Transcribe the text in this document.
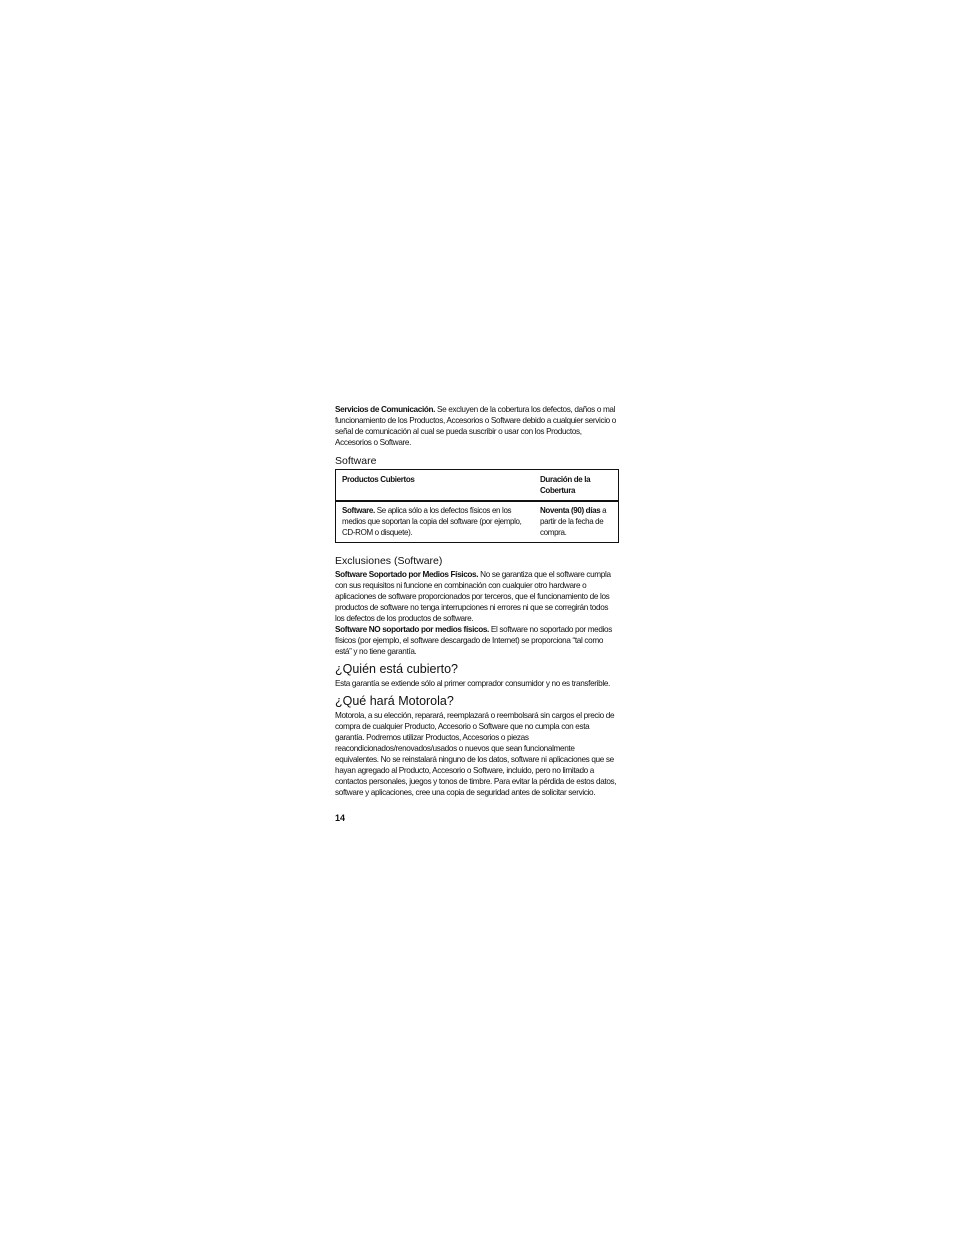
Servicios de Comunicación. Se excluyen de la cobertura los defectos, daños o mal funcionamiento de los Productos, Accesorios o Software debido a cualquier servicio o señal de comunicación al cual se pueda suscribir o usar con los Productos, Accesorios o Software.

Software
Productos Cubiertos	Duración de la Cobertura
Software. Se aplica sólo a los defectos físicos en los medios que soportan la copia del software (por ejemplo, CD-ROM o disquete).	Noventa (90) días a partir de la fecha de compra.
Exclusiones (Software)

Software Soportado por Medios Físicos. No se garantiza que el software cumpla con sus requisitos ni funcione en combinación con cualquier otro hardware o aplicaciones de software proporcionados por terceros, que el funcionamiento de los productos de software no tenga interrupciones ni errores ni que se corregirán todos los defectos de los productos de software.

Software NO soportado por medios físicos. El software no soportado por medios físicos (por ejemplo, el software descargado de Internet) se proporciona “tal como está” y no tiene garantía.

¿Quién está cubierto?

Esta garantía se extiende sólo al primer comprador consumidor y no es transferible.

¿Qué hará Motorola?

Motorola, a su elección, reparará, reemplazará o reembolsará sin cargos el precio de compra de cualquier Producto, Accesorio o Software que no cumpla con esta garantía. Podremos utilizar Productos, Accesorios o piezas reacondicionados/renovados/usados o nuevos que sean funcionalmente equivalentes. No se reinstalará ninguno de los datos, software ni aplicaciones que se hayan agregado al Producto, Accesorio o Software, incluido, pero no limitado a contactos personales, juegos y tonos de timbre. Para evitar la pérdida de estos datos, software y aplicaciones, cree una copia de seguridad antes de solicitar servicio.

14
